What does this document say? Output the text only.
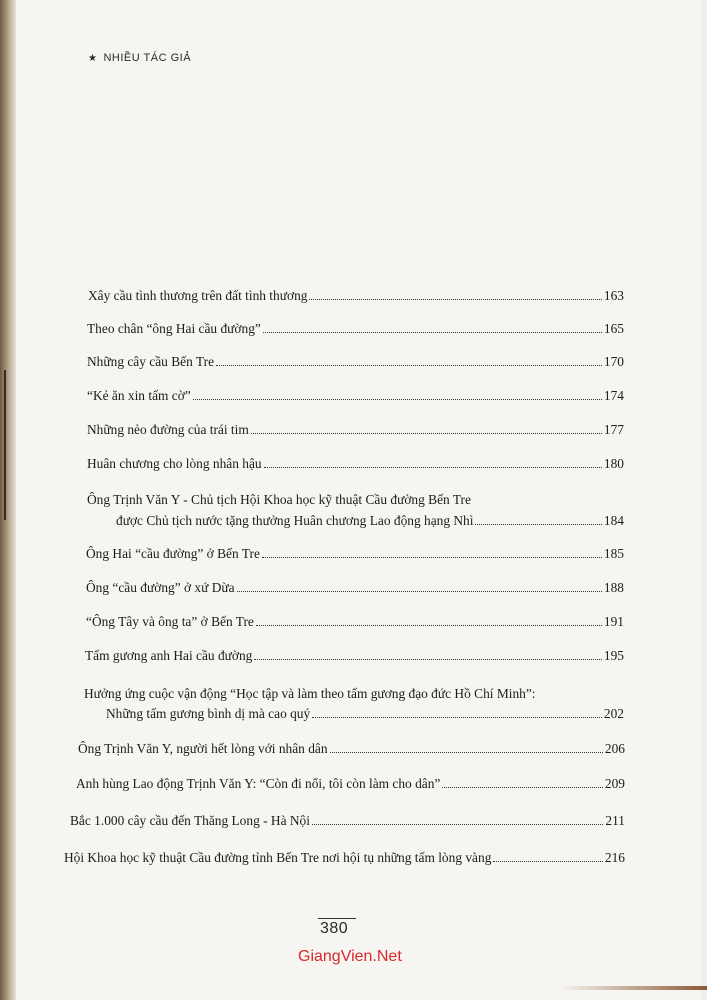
★ NHIỀU TÁC GIẢ
Xây cầu tình thương trên đất tình thương	163
Theo chân “ông Hai cầu đường”	165
Những cây cầu Bến Tre	170
“Kẻ ăn xin tấm cờ”	174
Những nẻo đường của trái tim	177
Huân chương cho lòng nhân hậu	180
Ông Trịnh Văn Y - Chủ tịch Hội Khoa học kỹ thuật Cầu đường Bến Tre
được Chủ tịch nước tặng thưởng Huân chương Lao động hạng Nhì	184
Ông Hai “cầu đường” ở Bến Tre	185
Ông “cầu đường” ở xứ Dừa	188
“Ông Tây và ông ta” ở Bến Tre	191
Tấm gương anh Hai cầu đường	195
Hưởng ứng cuộc vận động “Học tập và làm theo tấm gương đạo đức Hồ Chí Minh”:
Những tấm gương bình dị mà cao quý	202
Ông Trịnh Văn Y, người hết lòng với nhân dân	206
Anh hùng Lao động Trịnh Văn Y: “Còn đi nổi, tôi còn làm cho dân”	209
Bắc 1.000 cây cầu đến Thăng Long - Hà Nội	211
Hội Khoa học kỹ thuật Cầu đường tỉnh Bến Tre nơi hội tụ những tấm lòng vàng	216
380
GiangVien.Net
